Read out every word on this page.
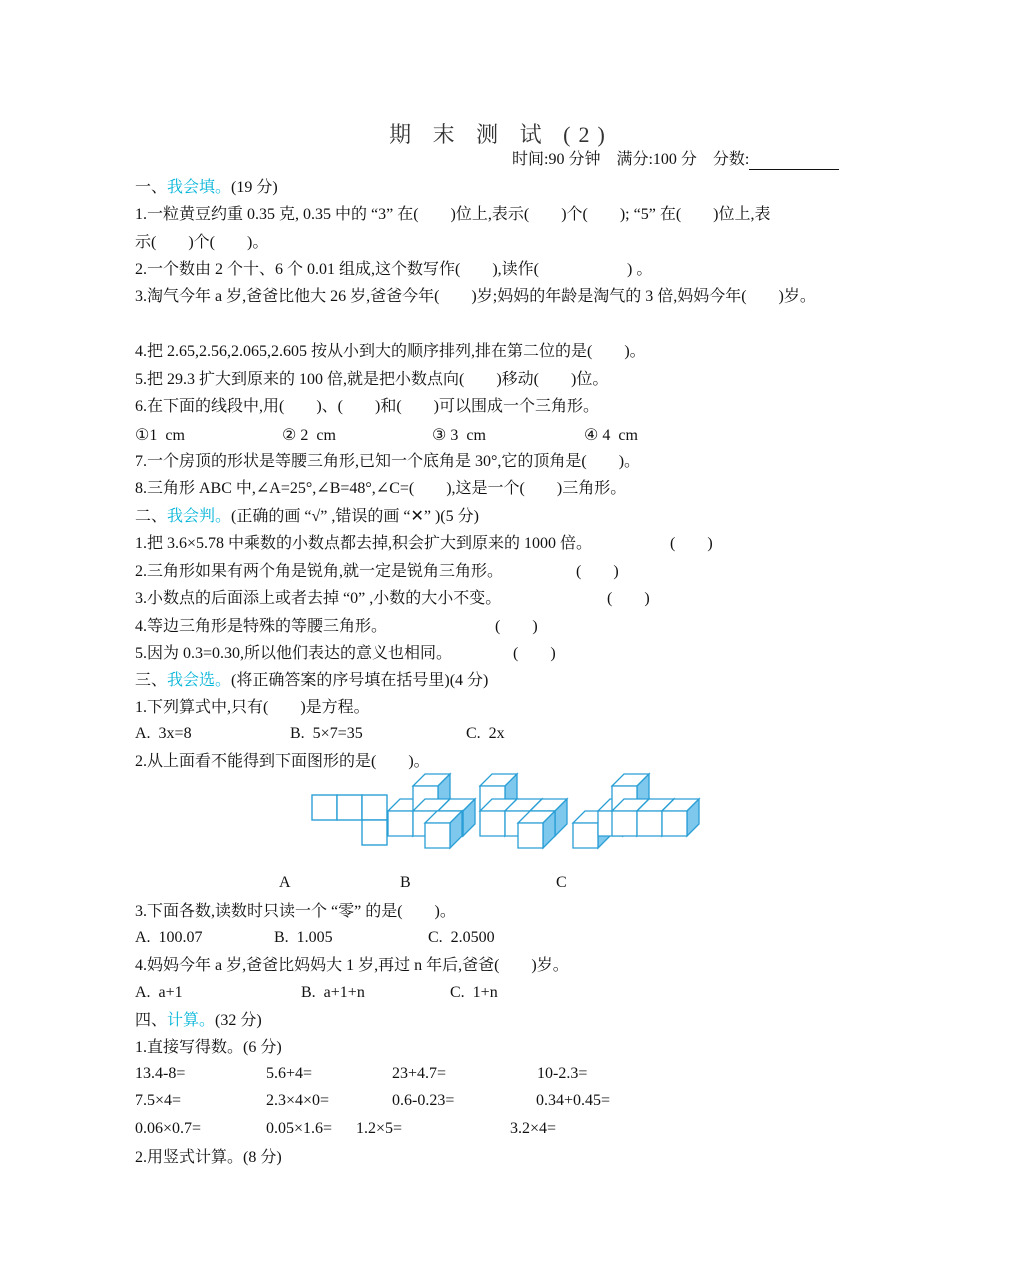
期 末 测 试 (2)
时间:90 分钟 满分:100 分 分数:
一、我会填。(19 分)
1.一粒黄豆约重 0.35 克, 0.35 中的 “3” 在(        )位上,表示(        )个(        ); “5” 在(        )位上,表
示(        )个(        )。
2.一个数由 2 个十、6 个 0.01 组成,这个数写作(        ),读作(                      ) 。
3.淘气今年 a 岁,爸爸比他大 26 岁,爸爸今年(        )岁;妈妈的年龄是淘气的 3 倍,妈妈今年(        )岁。
4.把 2.65,2.56,2.065,2.605 按从小到大的顺序排列,排在第二位的是(        )。
5.把 29.3 扩大到原来的 100 倍,就是把小数点向(        )移动(        )位。
6.在下面的线段中,用(        )、(        )和(        )可以围成一个三角形。
①1  cm	② 2  cm	③ 3  cm	④ 4  cm
7.一个房顶的形状是等腰三角形,已知一个底角是 30°,它的顶角是(        )。
8.三角形 ABC 中,∠A=25°,∠B=48°,∠C=(        ),这是一个(        )三角形。
二、我会判。(正确的画 “√” ,错误的画 “✕” )(5 分)
1.把 3.6×5.78 中乘数的小数点都去掉,积会扩大到原来的 1000 倍。	(        )
2.三角形如果有两个角是锐角,就一定是锐角三角形。	(        )
3.小数点的后面添上或者去掉 “0” ,小数的大小不变。	(        )
4.等边三角形是特殊的等腰三角形。	(        )
5.因为 0.3=0.30,所以他们表达的意义也相同。	(        )
三、我会选。(将正确答案的序号填在括号里)(4 分)
1.下列算式中,只有(        )是方程。
A.  3x=8	B.  5×7=35	C.  2x
2.从上面看不能得到下面图形的是(        )。
A	B	C
3.下面各数,读数时只读一个 “零” 的是(        )。
A.  100.07	B.  1.005	C.  2.0500
4.妈妈今年 a 岁,爸爸比妈妈大 1 岁,再过 n 年后,爸爸(        )岁。
A.  a+1	B.  a+1+n	C.  1+n
四、计算。(32 分)
1.直接写得数。(6 分)
13.4-8=	5.6+4=	23+4.7=	10-2.3=
7.5×4=	2.3×4×0=	0.6-0.23=	0.34+0.45=
0.06×0.7=	0.05×1.6= 1.2×5=	3.2×4=
2.用竖式计算。(8 分)
